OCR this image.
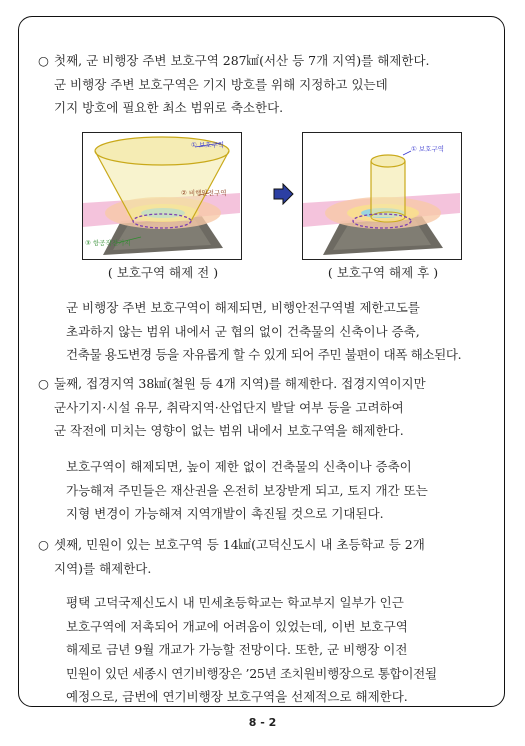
○ 첫째, 군 비행장 주변 보호구역 287㎢(서산 등 7개 지역)를 해제한다.
군 비행장 주변 보호구역은 기지 방호를 위해 지정하고 있는데
기지 방호에 필요한 최소 범위로 축소한다.
① 보호구역
② 비행안전구역
③ 항공작전기지
① 보호구역
( 보호구역 해제 전 )	( 보호구역 해제 후 )
군 비행장 주변 보호구역이 해제되면, 비행안전구역별 제한고도를
초과하지 않는 범위 내에서 군 협의 없이 건축물의 신축이나 증축,
건축물 용도변경 등을 자유롭게 할 수 있게 되어 주민 불편이 대폭 해소된다.
○ 둘째, 접경지역 38㎢(철원 등 4개 지역)를 해제한다. 접경지역이지만
군사기지·시설 유무, 취락지역·산업단지 발달 여부 등을 고려하여
군 작전에 미치는 영향이 없는 범위 내에서 보호구역을 해제한다.
보호구역이 해제되면, 높이 제한 없이 건축물의 신축이나 증축이
가능해져 주민들은 재산권을 온전히 보장받게 되고, 토지 개간 또는
지형 변경이 가능해져 지역개발이 촉진될 것으로 기대된다.
○ 셋째, 민원이 있는 보호구역 등 14㎢(고덕신도시 내 초등학교 등 2개
지역)를 해제한다.
평택 고덕국제신도시 내 민세초등학교는 학교부지 일부가 인근
보호구역에 저촉되어 개교에 어려움이 있었는데, 이번 보호구역
해제로 금년 9월 개교가 가능할 전망이다. 또한, 군 비행장 이전
민원이 있던 세종시 연기비행장은 ’25년 조치원비행장으로 통합이전될
예정으로, 금번에 연기비행장 보호구역을 선제적으로 해제한다.
8 - 2
